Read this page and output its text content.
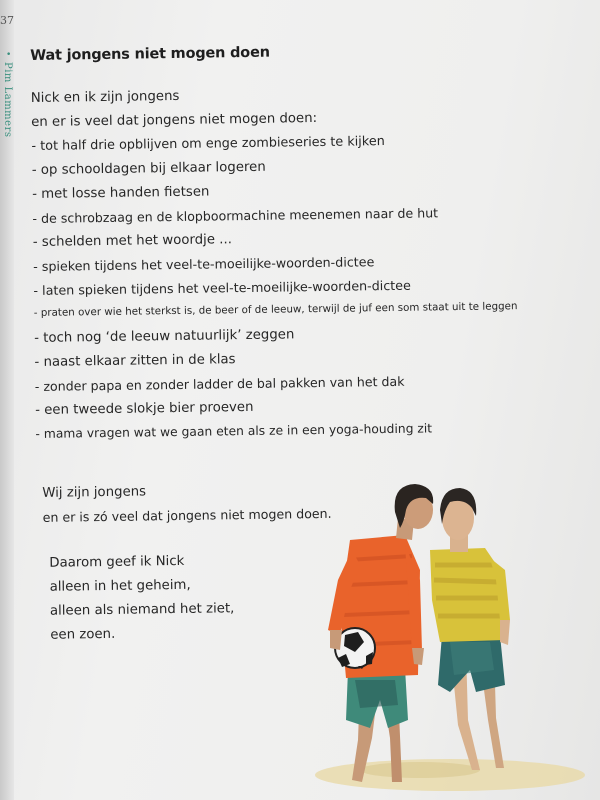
37
•
Pim Lammers
Wat jongens niet mogen doen
Nick en ik zijn jongens
en er is veel dat jongens niet mogen doen:
- tot half drie opblijven om enge zombieseries te kijken
- op schooldagen bij elkaar logeren
- met losse handen fietsen
- de schrobzaag en de klopboormachine meenemen naar de hut
- schelden met het woordje ...
- spieken tijdens het veel-te-moeilijke-woorden-dictee
- laten spieken tijdens het veel-te-moeilijke-woorden-dictee
- praten over wie het sterkst is, de beer of de leeuw, terwijl de juf een som staat uit te leggen
- toch nog ‘de leeuw natuurlijk’ zeggen
- naast elkaar zitten in de klas
- zonder papa en zonder ladder de bal pakken van het dak
- een tweede slokje bier proeven
- mama vragen wat we gaan eten als ze in een yoga-houding zit
Wij zijn jongens
en er is zó veel dat jongens niet mogen doen.
Daarom geef ik Nick
alleen in het geheim,
alleen als niemand het ziet,
een zoen.
